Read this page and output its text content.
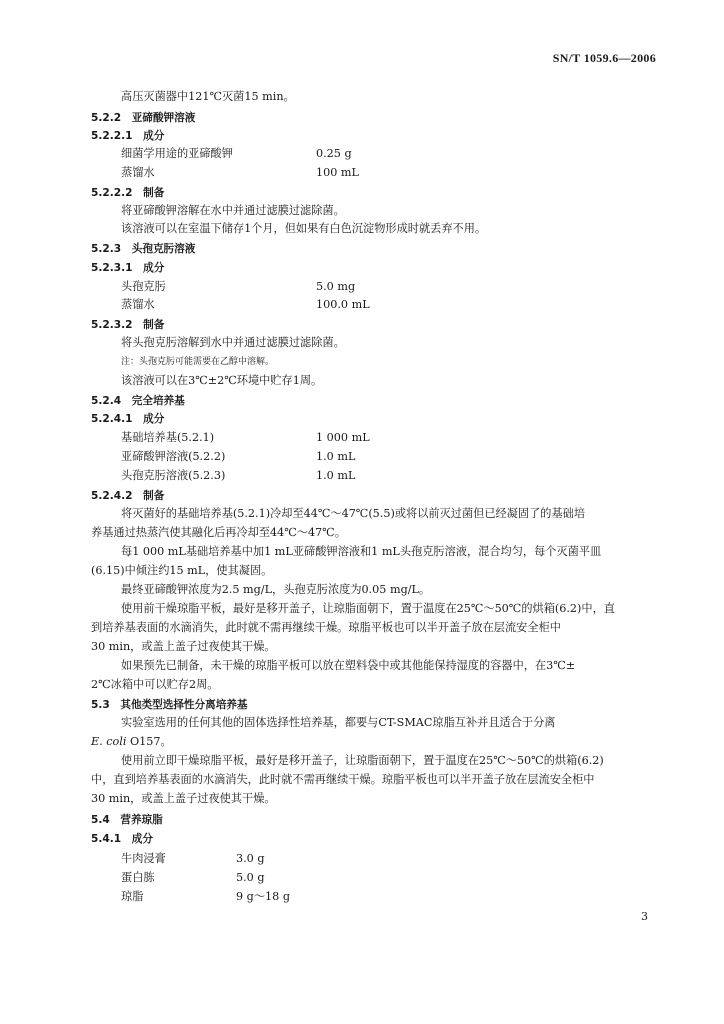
SN/T 1059.6—2006
高压灭菌器中121℃灭菌15 min。
5.2.2　亚碲酸钾溶液
5.2.2.1　成分
细菌学用途的亚碲酸钾	0.25 g
蒸馏水	100 mL
5.2.2.2　制备
将亚碲酸钾溶解在水中并通过滤膜过滤除菌。
该溶液可以在室温下储存1个月，但如果有白色沉淀物形成时就丢弃不用。
5.2.3　头孢克肟溶液
5.2.3.1　成分
头孢克肟	5.0 mg
蒸馏水	100.0 mL
5.2.3.2　制备
将头孢克肟溶解到水中并通过滤膜过滤除菌。
注：头孢克肟可能需要在乙醇中溶解。
该溶液可以在3℃±2℃环境中贮存1周。
5.2.4　完全培养基
5.2.4.1　成分
基础培养基(5.2.1)	1 000 mL
亚碲酸钾溶液(5.2.2)	1.0 mL
头孢克肟溶液(5.2.3)	1.0 mL
5.2.4.2　制备
将灭菌好的基础培养基(5.2.1)冷却至44℃～47℃(5.5)或将以前灭过菌但已经凝固了的基础培
养基通过热蒸汽使其融化后再冷却至44℃～47℃。
每1 000 mL基础培养基中加1 mL亚碲酸钾溶液和1 mL头孢克肟溶液，混合均匀，每个灭菌平皿
(6.15)中倾注约15 mL，使其凝固。
最终亚碲酸钾浓度为2.5 mg/L，头孢克肟浓度为0.05 mg/L。
使用前干燥琼脂平板，最好是移开盖子，让琼脂面朝下，置于温度在25℃～50℃的烘箱(6.2)中，直
到培养基表面的水滴消失，此时就不需再继续干燥。琼脂平板也可以半开盖子放在层流安全柜中
30 min，或盖上盖子过夜使其干燥。
如果预先已制备，未干燥的琼脂平板可以放在塑料袋中或其他能保持湿度的容器中，在3℃±
2℃冰箱中可以贮存2周。
5.3　其他类型选择性分离培养基
实验室选用的任何其他的固体选择性培养基，都要与CT-SMAC琼脂互补并且适合于分离
E. coli O157。
使用前立即干燥琼脂平板，最好是移开盖子，让琼脂面朝下，置于温度在25℃～50℃的烘箱(6.2)
中，直到培养基表面的水滴消失，此时就不需再继续干燥。琼脂平板也可以半开盖子放在层流安全柜中
30 min，或盖上盖子过夜使其干燥。
5.4　营养琼脂
5.4.1　成分
牛肉浸膏	3.0 g
蛋白胨	5.0 g
琼脂	9 g～18 g
3
